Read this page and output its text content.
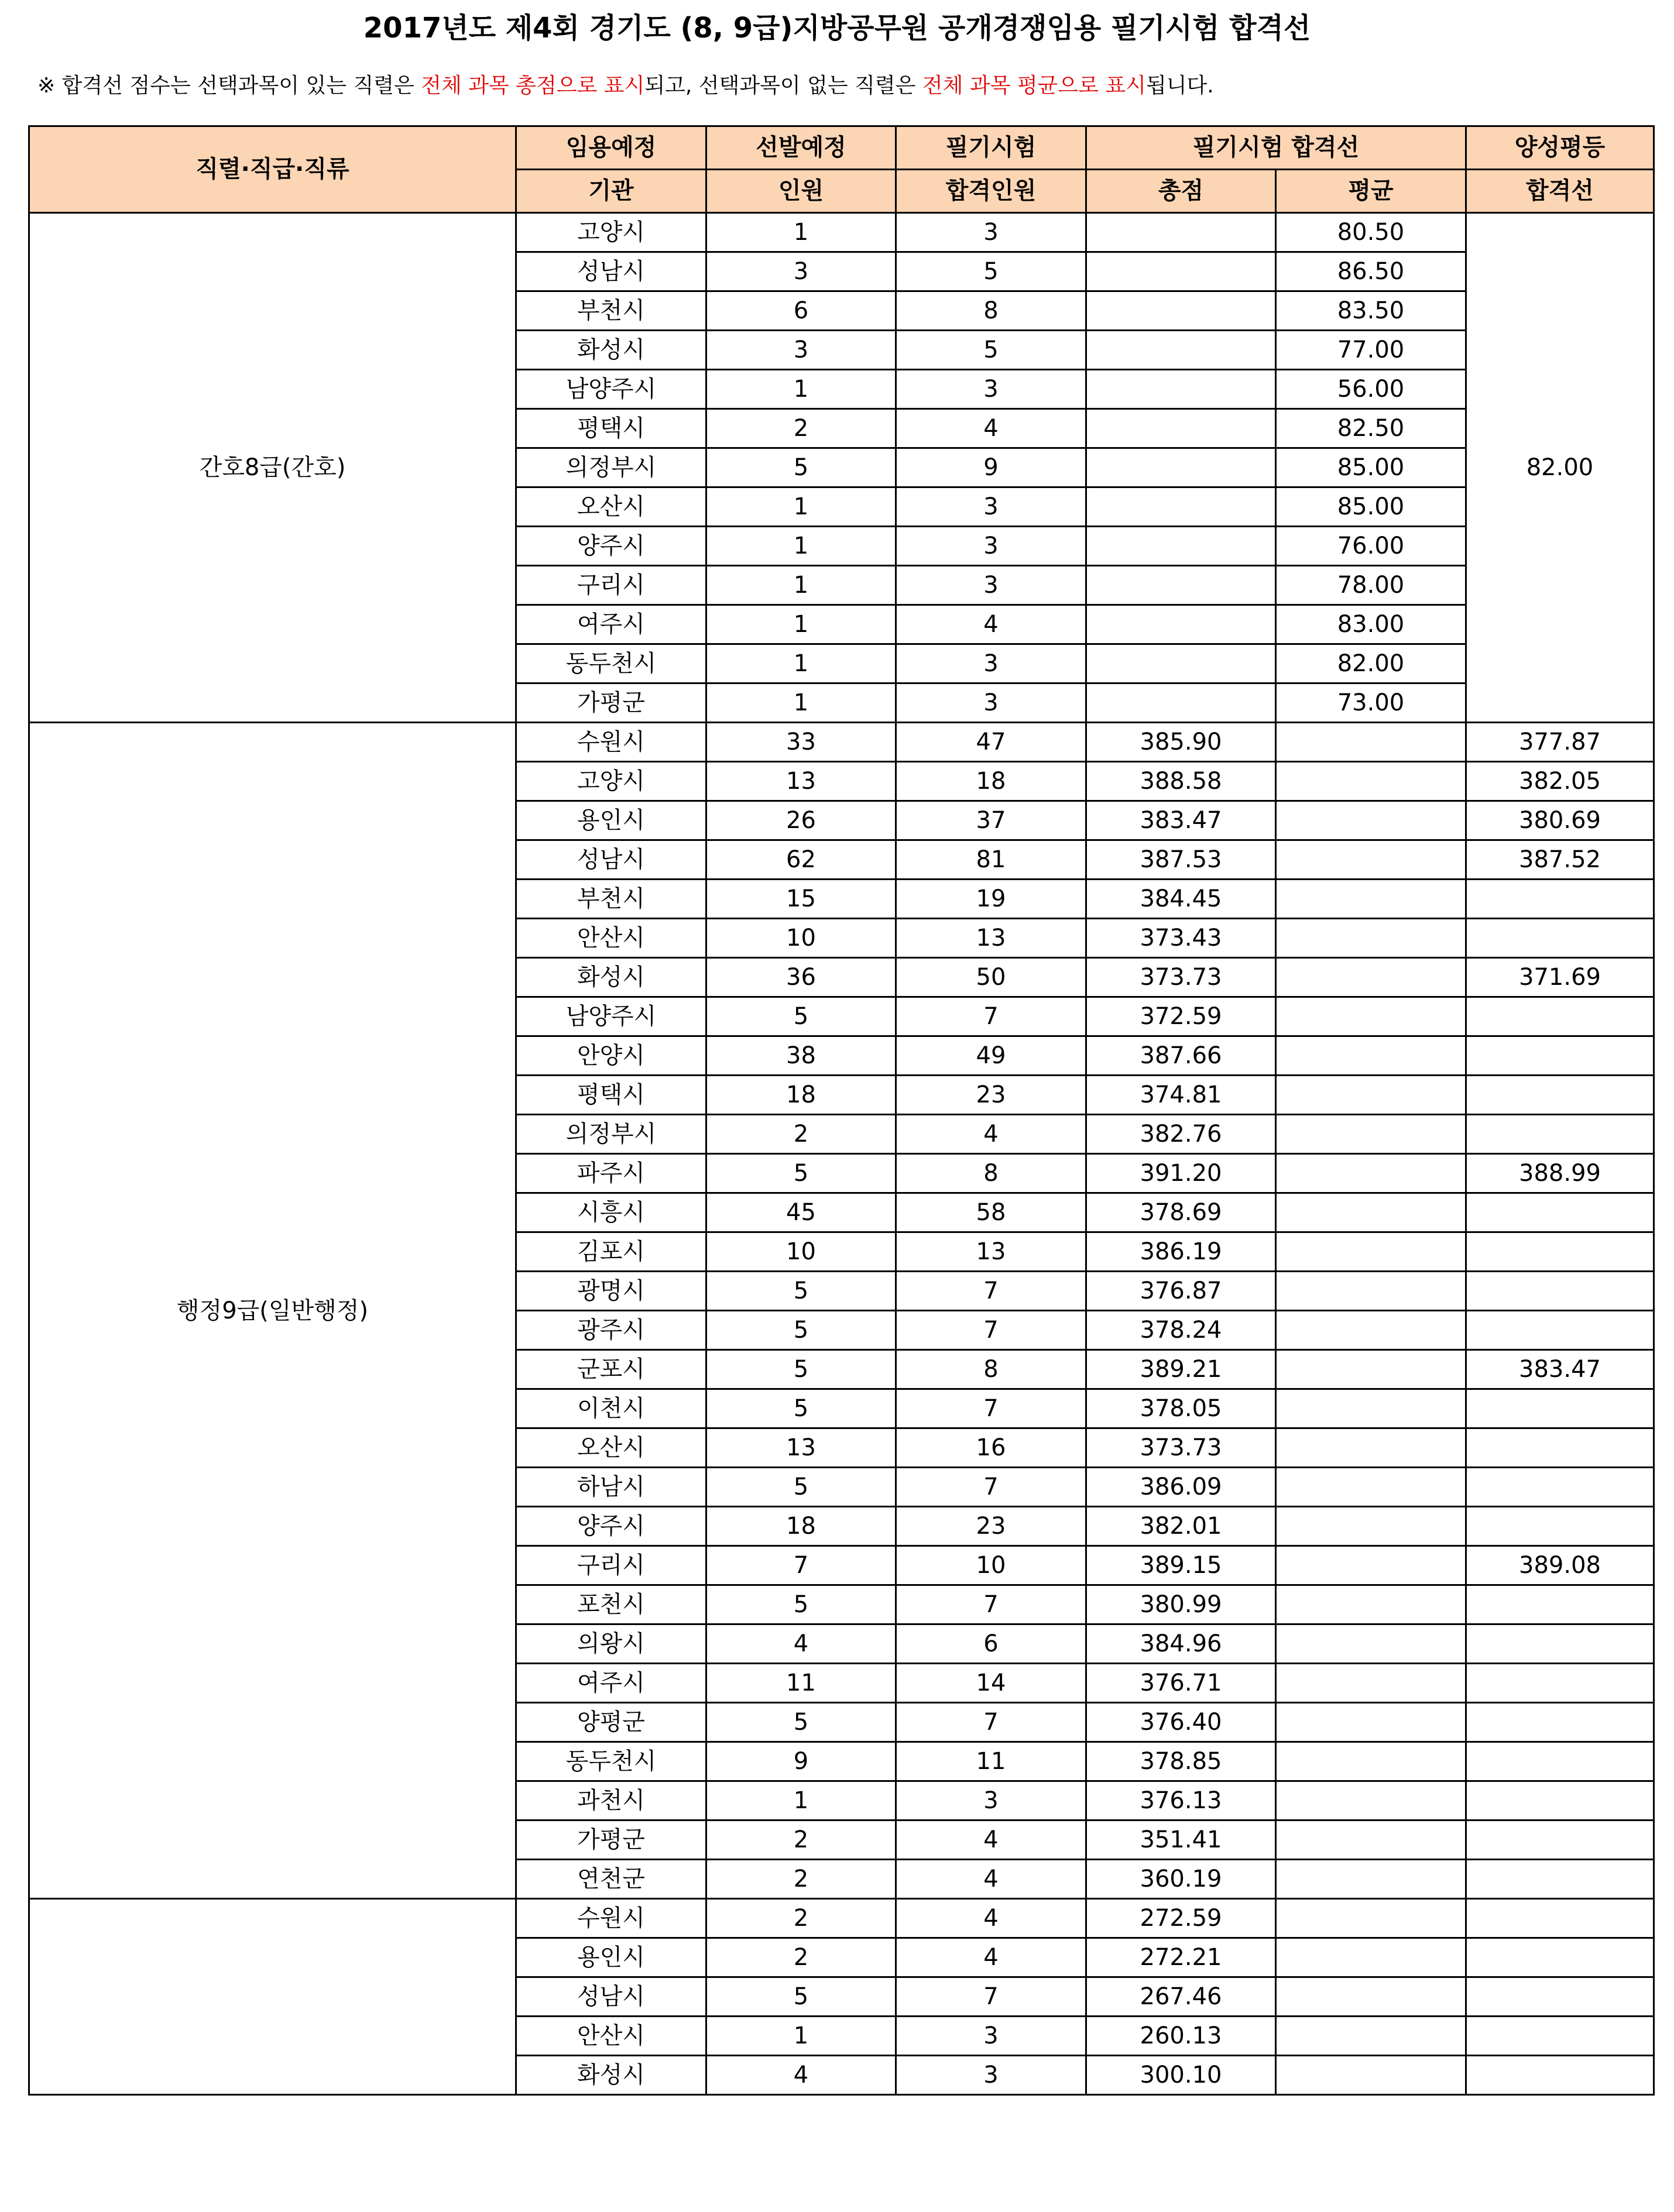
2017년도 제4회 경기도 (8, 9급)지방공무원 공개경쟁임용 필기시험 합격선
※ 합격선 점수는 선택과목이 있는 직렬은 전체 과목 총점으로 표시되고, 선택과목이 없는 직렬은 전체 과목 평균으로 표시됩니다.
직렬·직급·직류	임용예정	선발예정	필기시험	필기시험 합격선		양성평등
	기관	인원	합격인원	총점	평균	합격선
간호8급(간호)	고양시	1	3		80.50	82.00
	성남시	3	5		86.50	
	부천시	6	8		83.50	
	화성시	3	5		77.00	
	남양주시	1	3		56.00	
	평택시	2	4		82.50	
	의정부시	5	9		85.00	
	오산시	1	3		85.00	
	양주시	1	3		76.00	
	구리시	1	3		78.00	
	여주시	1	4		83.00	
	동두천시	1	3		82.00	
	가평군	1	3		73.00	
행정9급(일반행정)	수원시	33	47	385.90		377.87
	고양시	13	18	388.58		382.05
	용인시	26	37	383.47		380.69
	성남시	62	81	387.53		387.52
	부천시	15	19	384.45		
	안산시	10	13	373.43		
	화성시	36	50	373.73		371.69
	남양주시	5	7	372.59		
	안양시	38	49	387.66		
	평택시	18	23	374.81		
	의정부시	2	4	382.76		
	파주시	5	8	391.20		388.99
	시흥시	45	58	378.69		
	김포시	10	13	386.19		
	광명시	5	7	376.87		
	광주시	5	7	378.24		
	군포시	5	8	389.21		383.47
	이천시	5	7	378.05		
	오산시	13	16	373.73		
	하남시	5	7	386.09		
	양주시	18	23	382.01		
	구리시	7	10	389.15		389.08
	포천시	5	7	380.99		
	의왕시	4	6	384.96		
	여주시	11	14	376.71		
	양평군	5	7	376.40		
	동두천시	9	11	378.85		
	과천시	1	3	376.13		
	가평군	2	4	351.41		
	연천군	2	4	360.19		
	수원시	2	4	272.59		
	용인시	2	4	272.21		
	성남시	5	7	267.46		
	안산시	1	3	260.13		
	화성시	4	3	300.10		
